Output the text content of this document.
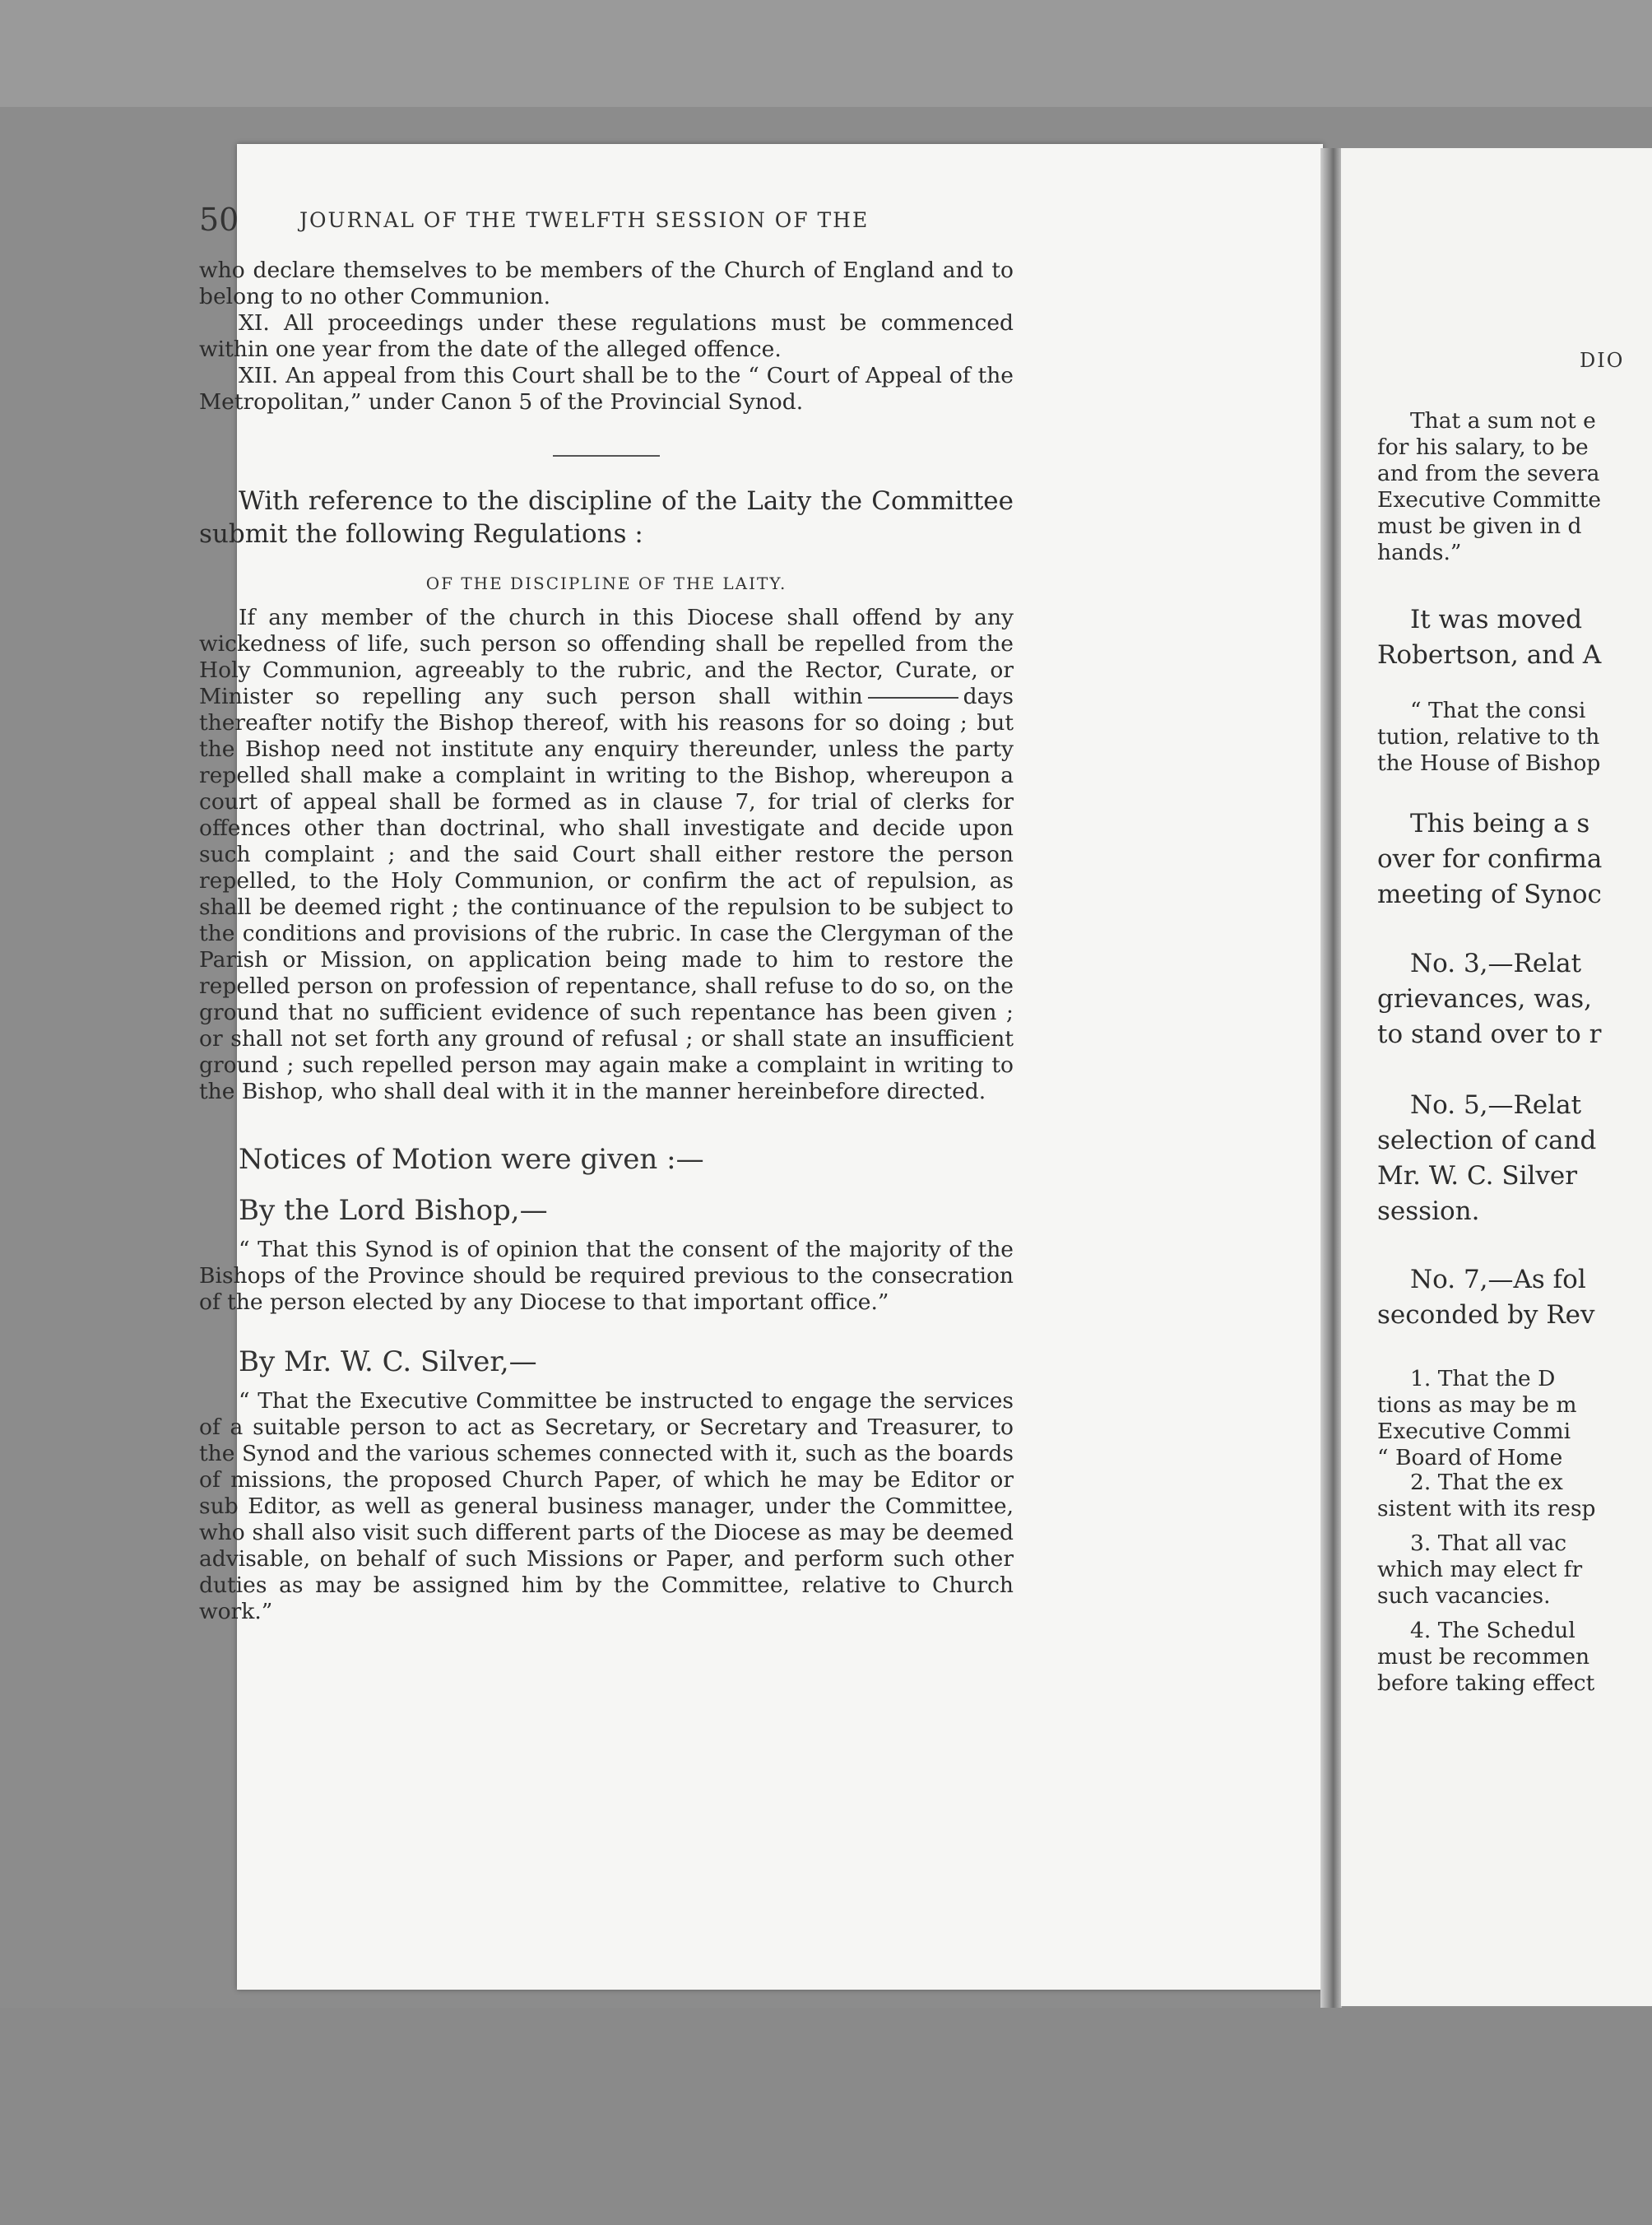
50	JOURNAL OF THE TWELFTH SESSION OF THE

who declare themselves to be members of the Church of England and to belong to no other Communion.

XI. All proceedings under these regulations must be commenced within one year from the date of the alleged offence.

XII. An appeal from this Court shall be to the “ Court of Appeal of the Metropolitan,” under Canon 5 of the Provincial Synod.

With reference to the discipline of the Laity the Committee submit the following Regulations :

OF THE DISCIPLINE OF THE LAITY.

If any member of the church in this Diocese shall offend by any wickedness of life, such person so offending shall be repelled from the Holy Communion, agreeably to the rubric, and the Rector, Curate, or Minister so repelling any such person shall within	days thereafter notify the Bishop thereof, with his reasons for so doing ; but the Bishop need not institute any enquiry thereunder, unless the party repelled shall make a complaint in writing to the Bishop, whereupon a court of appeal shall be formed as in clause 7, for trial of clerks for offences other than doctrinal, who shall investigate and decide upon such complaint ; and the said Court shall either restore the person repelled, to the Holy Communion, or confirm the act of repulsion, as shall be deemed right ; the continuance of the repulsion to be subject to the conditions and provisions of the rubric. In case the Clergyman of the Parish or Mission, on application being made to him to restore the repelled person on profession of repentance, shall refuse to do so, on the ground that no sufficient evidence of such repentance has been given ; or shall not set forth any ground of refusal ; or shall state an insufficient ground ; such repelled person may again make a complaint in writing to the Bishop, who shall deal with it in the manner hereinbefore directed.

Notices of Motion were given :—

By the Lord Bishop,—

“ That this Synod is of opinion that the consent of the majority of the Bishops of the Province should be required previous to the consecration of the person elected by any Diocese to that important office.”

By Mr. W. C. Silver,—

“ That the Executive Committee be instructed to engage the services of a suitable person to act as Secretary, or Secretary and Treasurer, to the Synod and the various schemes connected with it, such as the boards of missions, the proposed Church Paper, of which he may be Editor or sub Editor, as well as general business manager, under the Committee, who shall also visit such different parts of the Diocese as may be deemed advisable, on behalf of such Missions or Paper, and perform such other duties as may be assigned him by the Committee, relative to Church work.”

DIO
That a sum not e
for his salary, to be
and from the severa
Executive Committe
must be given in d
hands.”
It was moved
Robertson, and A
“ That the consi
tution, relative to th
the House of Bishop
This being a s
over for confirma
meeting of Synoc
No. 3,—Relat
grievances, was,
to stand over to r
No. 5,—Relat
selection of cand
Mr. W. C. Silver
session.
No. 7,—As fol
seconded by Rev
1. That the D
tions as may be m
Executive Commi
“ Board of Home
2. That the ex
sistent with its resp
3. That all vac
which may elect fr
such vacancies.
4. The Schedul
must be recommen
before taking effect
